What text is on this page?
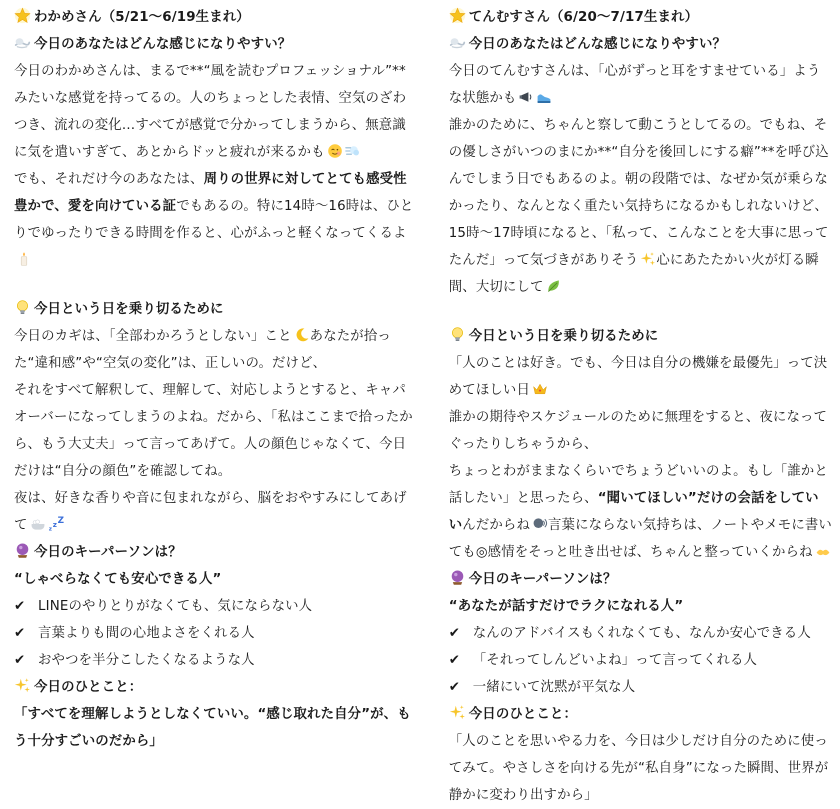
わかめさん（5/21〜6/19生まれ）
今日のあなたはどんな感じになりやすい？

今日のわかめさんは、まるで**“風を読むプロフェッショナル”**みたいな感覚を持ってるの。人のちょっとした表情、空気のざわつき、流れの変化…すべてが感覚で分かってしまうから、無意識に気を遣いすぎて、あとからドッと疲れが来るかも

でも、それだけ今のあなたは、周りの世界に対してとても感受性豊かで、愛を向けている証でもあるの。特に14時〜16時は、ひとりでゆったりできる時間を作ると、心がふっと軽くなってくるよ

今日という日を乗り切るために

今日のカギは、「全部わかろうとしない」こと あなたが拾った“違和感”や“空気の変化”は、正しいの。だけど、

それをすべて解釈して、理解して、対応しようとすると、キャパオーバーになってしまうのよね。だから、「私はここまで拾ったから、もう大丈夫」って言ってあげて。人の顔色じゃなくて、今日だけは“自分の顔色”を確認してね。

夜は、好きな香りや音に包まれながら、脳をおやすみにしてあげて

今日のキーパーソンは？
“しゃべらなくても安心できる人”
✔︎ LINEのやりとりがなくても、気にならない人
✔︎ 言葉よりも間の心地よさをくれる人
✔︎ おやつを半分こしたくなるような人
今日のひとこと：

「すべてを理解しようとしなくていい。“感じ取れた自分”が、もう十分すごいのだから」

てんむすさん（6/20〜7/17生まれ）
今日のあなたはどんな感じになりやすい？

今日のてんむすさんは、「心がずっと耳をすませている」ような状態かも

誰かのために、ちゃんと察して動こうとしてるの。でもね、その優しさがいつのまにか**“自分を後回しにする癖”**を呼び込んでしまう日でもあるのよ。朝の段階では、なぜか気が乗らなかったり、なんとなく重たい気持ちになるかもしれないけど、15時〜17時頃になると、「私って、こんなことを大事に思ってたんだ」って気づきがありそう 心にあたたかい火が灯る瞬間、大切にして

今日という日を乗り切るために

「人のことは好き。でも、今日は自分の機嫌を最優先」って決めてほしい日

誰かの期待やスケジュールのために無理をすると、夜になってぐったりしちゃうから、

ちょっとわがままなくらいでちょうどいいのよ。もし「誰かと話したい」と思ったら、“聞いてほしい”だけの会話をしていいんだからね 言葉にならない気持ちは、ノートやメモに書いても◎感情をそっと吐き出せば、ちゃんと整っていくからね

今日のキーパーソンは？
“あなたが話すだけでラクになれる人”
✔︎ なんのアドバイスもくれなくても、なんか安心できる人
✔︎ 「それってしんどいよね」って言ってくれる人
✔︎ 一緒にいて沈黙が平気な人
今日のひとこと：

「人のことを思いやる力を、今日は少しだけ自分のために使ってみて。やさしさを向ける先が“私自身”になった瞬間、世界が静かに変わり出すから」
